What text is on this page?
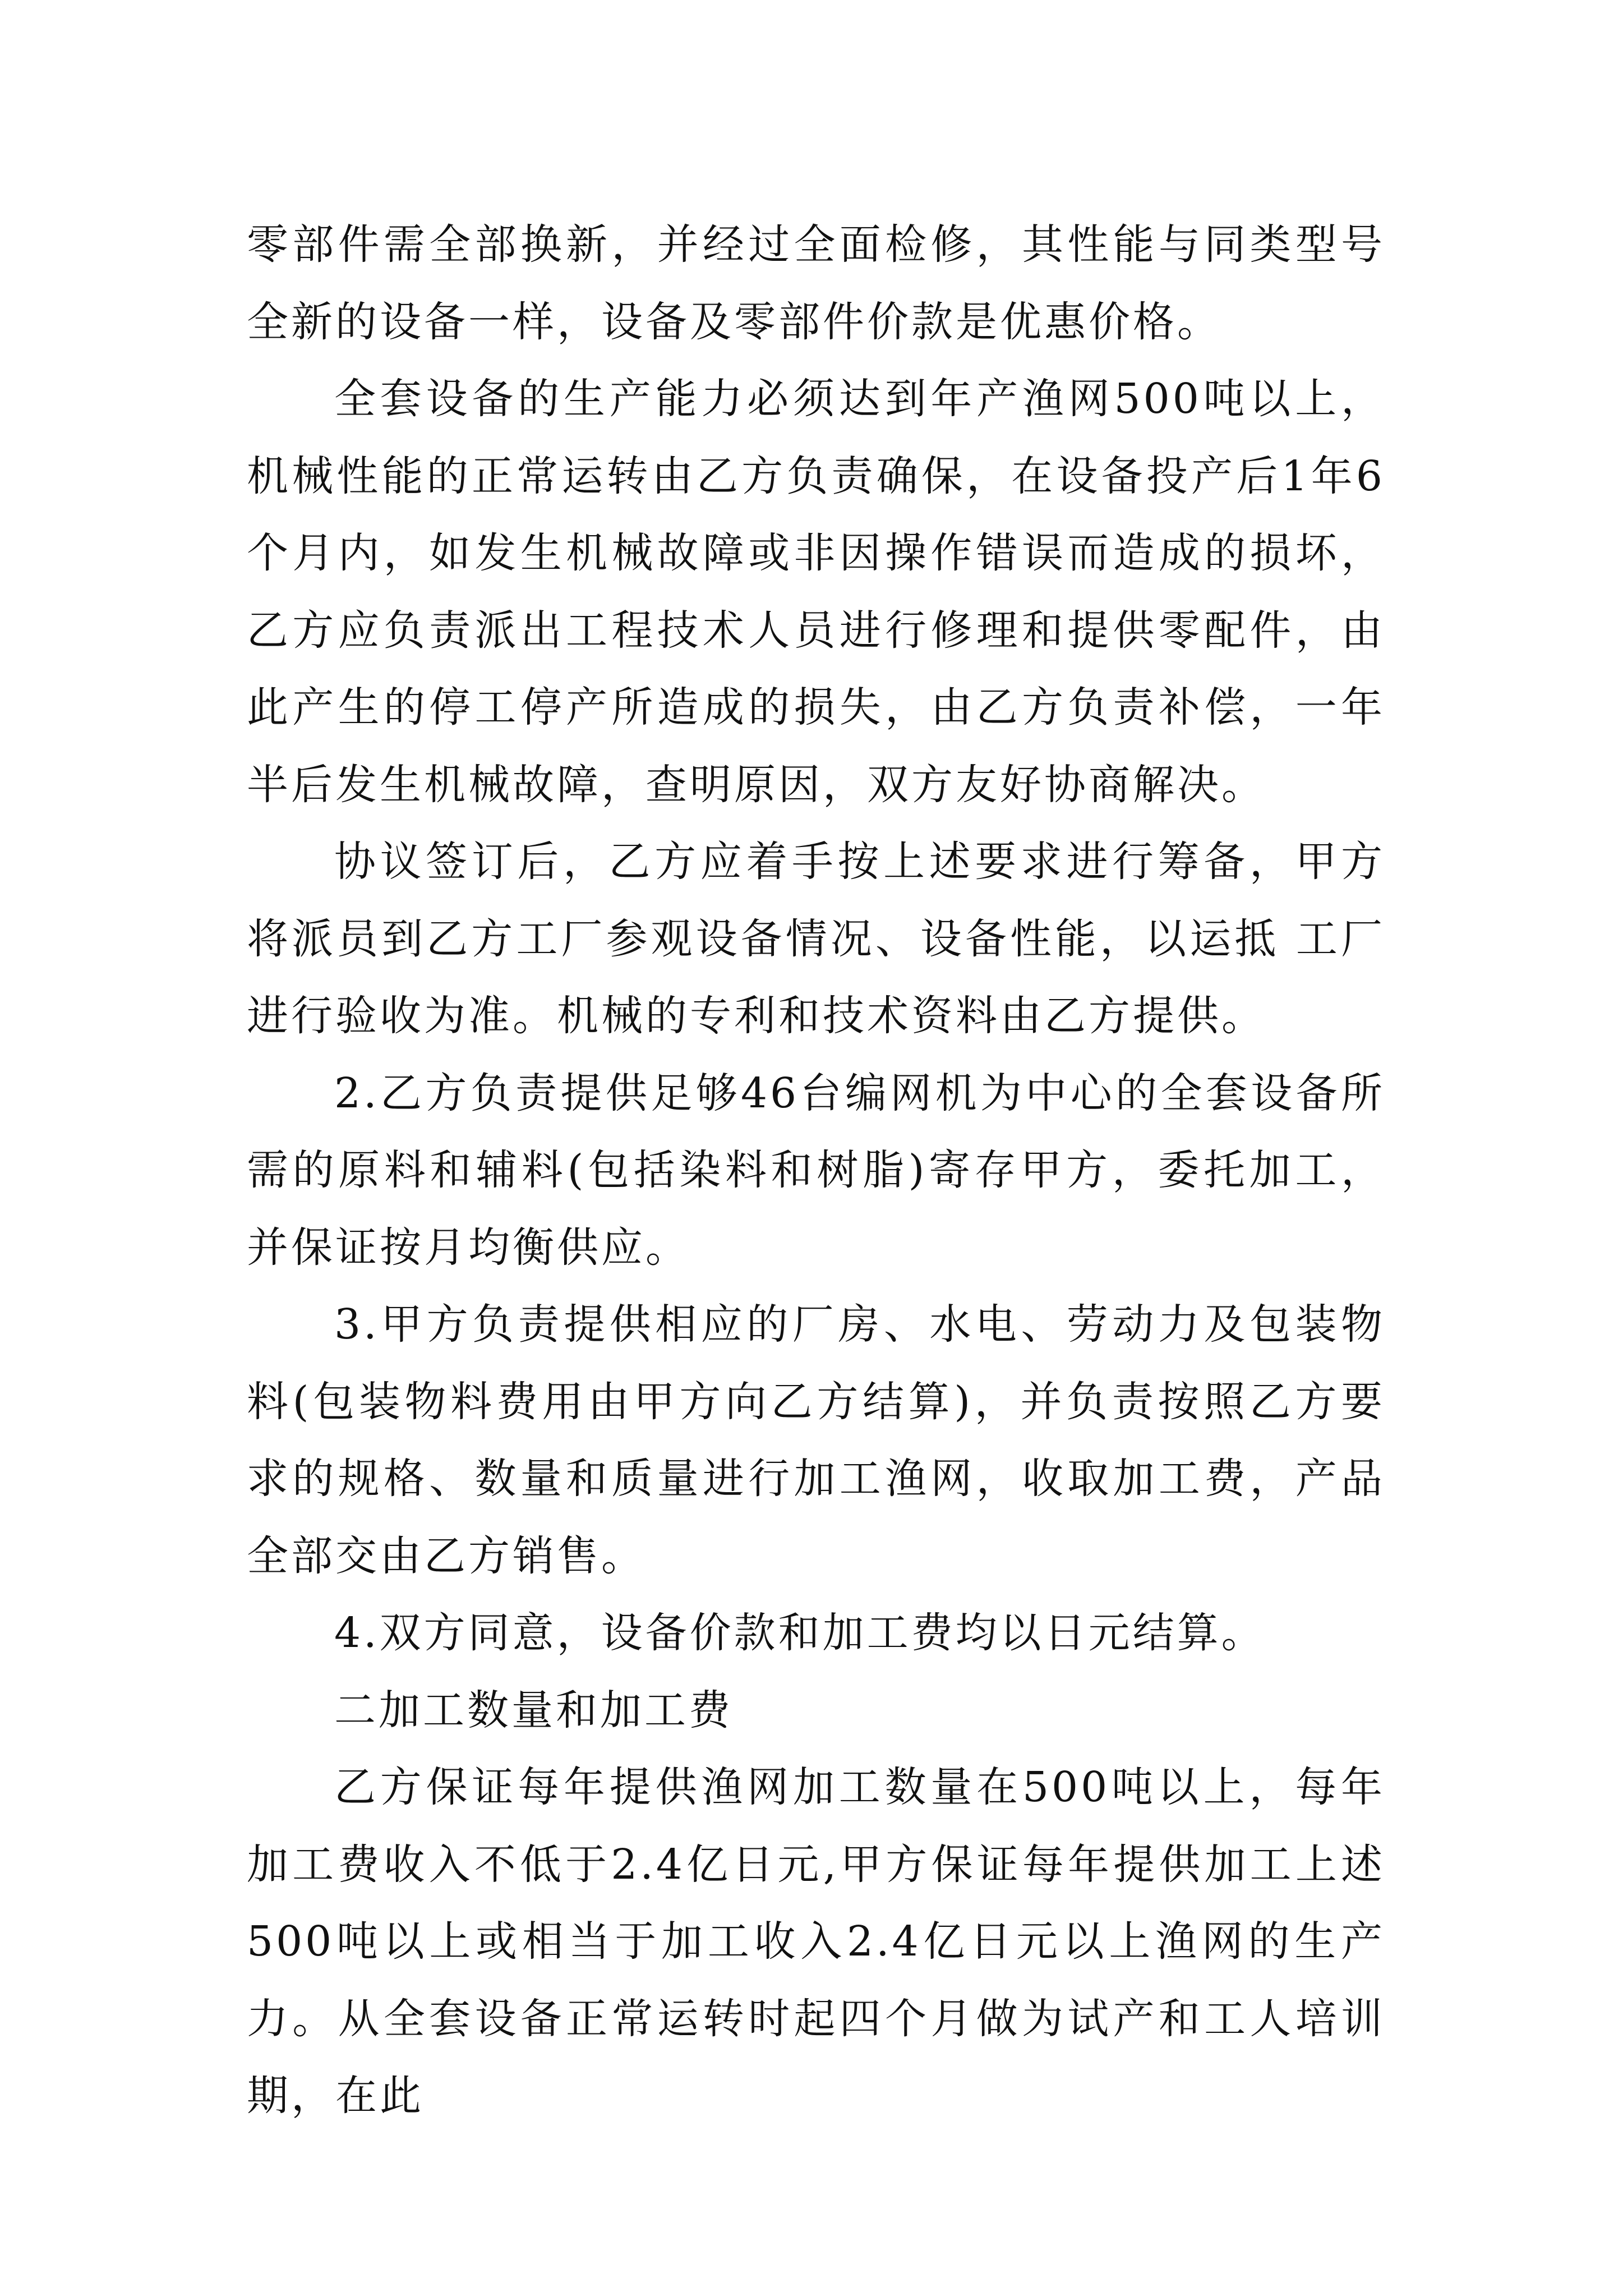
零部件需全部换新，并经过全面检修，其性能与同类型号全新的设备一样，设备及零部件价款是优惠价格。

全套设备的生产能力必须达到年产渔网500吨以上，机械性能的正常运转由乙方负责确保，在设备投产后1年6个月内，如发生机械故障或非因操作错误而造成的损坏，乙方应负责派出工程技术人员进行修理和提供零配件，由此产生的停工停产所造成的损失，由乙方负责补偿，一年半后发生机械故障，查明原因，双方友好协商解决。

协议签订后，乙方应着手按上述要求进行筹备，甲方将派员到乙方工厂参观设备情况、设备性能，以运抵 工厂进行验收为准。机械的专利和技术资料由乙方提供。

2.乙方负责提供足够46台编网机为中心的全套设备所需的原料和辅料(包括染料和树脂)寄存甲方，委托加工，并保证按月均衡供应。

3.甲方负责提供相应的厂房、水电、劳动力及包装物料(包装物料费用由甲方向乙方结算)，并负责按照乙方要求的规格、数量和质量进行加工渔网，收取加工费，产品全部交由乙方销售。

4.双方同意，设备价款和加工费均以日元结算。

二加工数量和加工费

乙方保证每年提供渔网加工数量在500吨以上，每年加工费收入不低于2.4亿日元,甲方保证每年提供加工上述500吨以上或相当于加工收入2.4亿日元以上渔网的生产力。从全套设备正常运转时起四个月做为试产和工人培训期，在此
